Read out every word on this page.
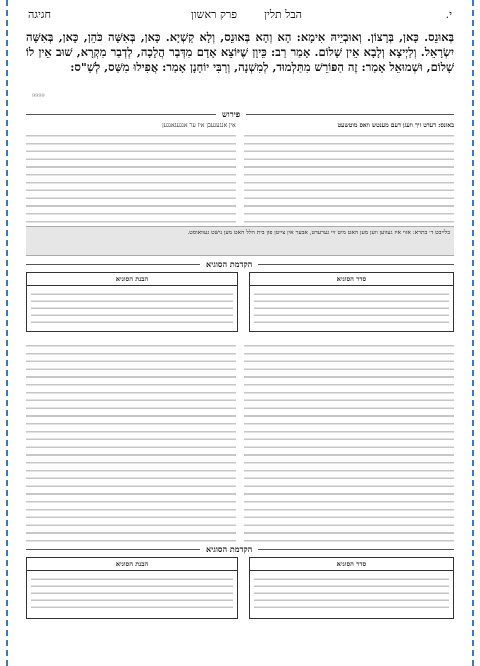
י.
הבל תלין
פרק ראשון
חגיגה
בְּאוּנֵס. כָּאן, בְּרָצוֹן. וְאוּבְיֵיהּ אִימָא: הָא וְהָא בְּאוּנֵס, וְלָא קַשְׁיָא. כָּאן, בְּאִשָּׁה כֹּהֵן, כָּאן, בְּאִשָּׁה יִשְׂרָאֵל. וְלַיְיצָא וְלָבָא אֵין שָׁלוֹם. אָמַר רַב: כֵּיוָן שֶׁיּוֹצֵא אָדָם מִדְּבַר הֲלָכָה, לְדְבַר מִקְרָא, שׁוּב אֵין לוֹ שָׁלוֹם, וּשְׁמוּאֵל אָמַר: זֶה הַפּוֹרֵשׁ מִתַּלְמוּד, לְמִשְׁנָה, וְרַבִּי יוֹחָנָן אָמַר: אֲפִילוּ מִשַּׁס, לְשַׁ"ס:
9999
פירוש
באונס: דעדט זיך וועגן דעם מענטש וואס מוטשעט
אין אנגעגעבן איז ער אנגעגאנגען
בלייבט ד׳ בתרא: אזוי איז געווען ווען מען האט מיט זיי גערעדט, אבער אין צייטן פון בית הלל האט מען נישט געוואוסט.
הקדמת הסוגיא
סדר הסוגיא
הבנת הסוגיא
הקדמת הסוגיא
סדר הסוגיא
הבנת הסוגיא
